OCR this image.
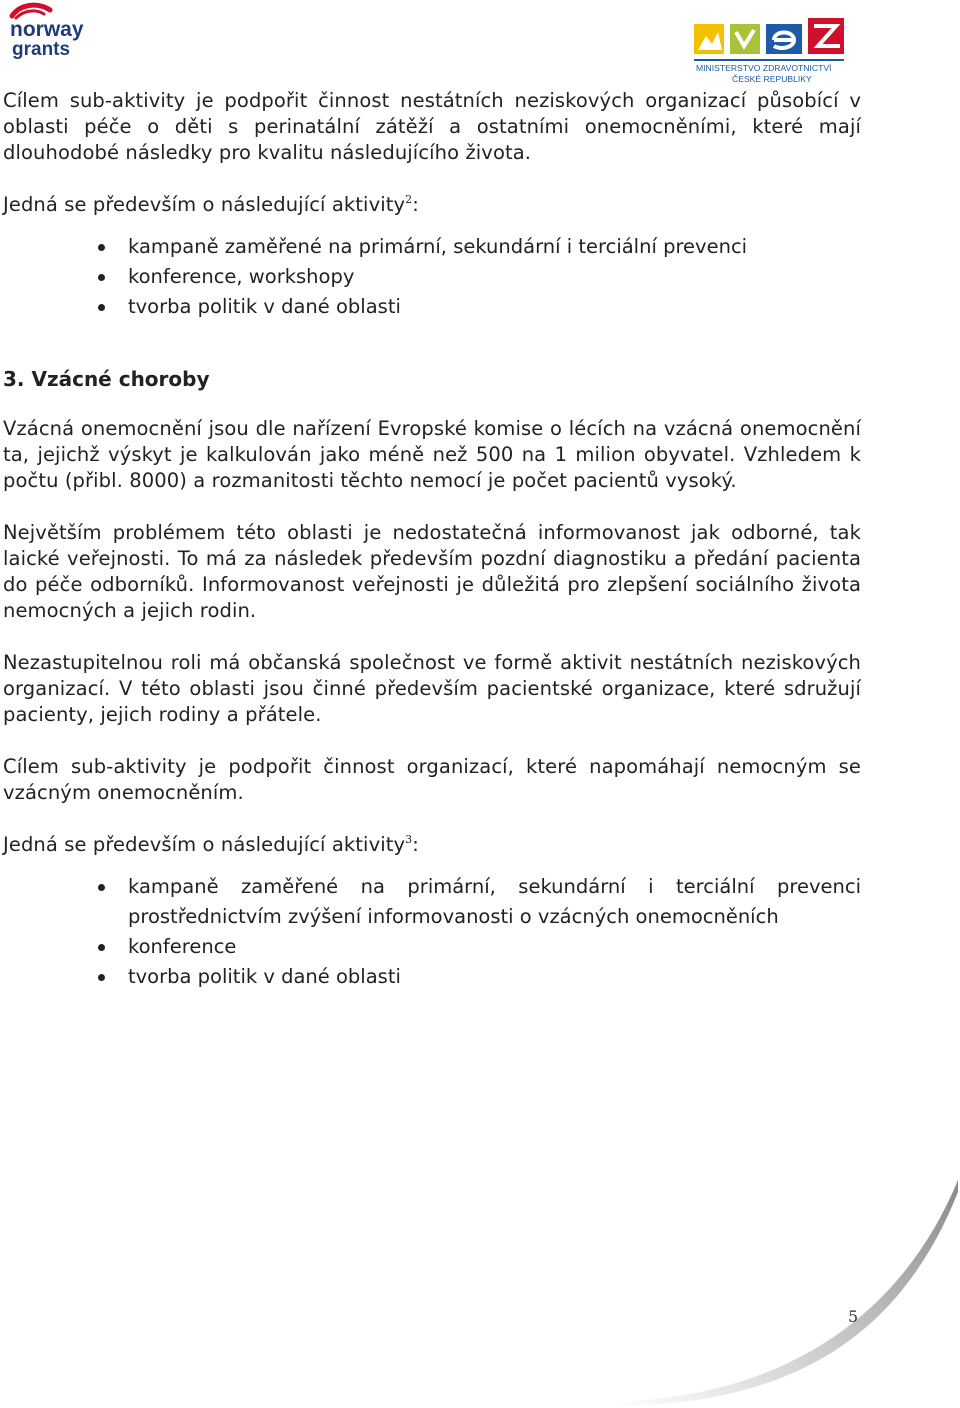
norway
grants
MINISTERSTVO ZDRAVOTNICTVÍ
ČESKÉ REPUBLIKY

Cílem sub-aktivity je podpořit činnost nestátních neziskových organizací působící v oblasti péče o děti s perinatální zátěží a ostatními onemocněními, které mají dlouhodobé následky pro kvalitu následujícího života.

Jedná se především o následující aktivity$^2$:

kampaně zaměřené na primární, sekundární i terciální prevenci
konference, workshopy
tvorba politik v dané oblasti
3. Vzácné choroby

Vzácná onemocnění jsou dle nařízení Evropské komise o lécích na vzácná onemocnění ta, jejichž výskyt je kalkulován jako méně než 500 na 1 milion obyvatel. Vzhledem k počtu (přibl. 8000) a rozmanitosti těchto nemocí je počet pacientů vysoký.

Největším problémem této oblasti je nedostatečná informovanost jak odborné, tak laické veřejnosti. To má za následek především pozdní diagnostiku a předání pacienta do péče odborníků. Informovanost veřejnosti je důležitá pro zlepšení sociálního života nemocných a jejich rodin.

Nezastupitelnou roli má občanská společnost ve formě aktivit nestátních neziskových organizací. V této oblasti jsou činné především pacientské organizace, které sdružují pacienty, jejich rodiny a přátele.

Cílem sub-aktivity je podpořit činnost organizací, které napomáhají nemocným se vzácným onemocněním.

Jedná se především o následující aktivity$^3$:

kampaně zaměřené na primární, sekundární i terciální prevenci prostřednictvím zvýšení informovanosti o vzácných onemocněních
konference
tvorba politik v dané oblasti
5
